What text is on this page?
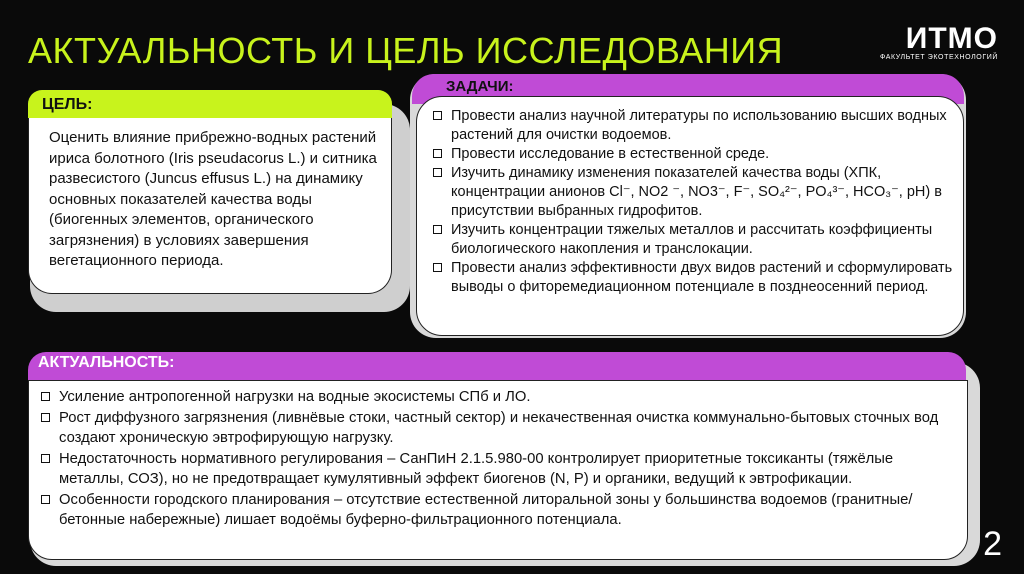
АКТУАЛЬНОСТЬ И ЦЕЛЬ ИССЛЕДОВАНИЯ	ИTMO
ФАКУЛЬТЕТ ЭКОТЕХНОЛОГИЙ
ЦЕЛЬ:
Оценить влияние прибрежно-водных растений ириса болотного (Iris pseudacorus L.) и ситника развесистого (Juncus effusus L.) на динамику основных показателей качества воды (биогенных элементов, органического загрязнения) в условиях завершения вегетационного периода.
ЗАДАЧИ:
Провести анализ научной литературы по использованию высших водных растений для очистки водоемов.
Провести исследование в естественной среде.
Изучить динамику изменения показателей качества воды (ХПК, концентрации анионов Cl⁻, NO2 ⁻, NO3⁻, F⁻, SO₄²⁻, PO₄³⁻, HCO₃⁻, pH) в присутствии выбранных гидрофитов.
Изучить концентрации тяжелых металлов и рассчитать коэффициенты биологического накопления и транслокации.
Провести анализ эффективности двух видов растений и сформулировать выводы о фиторемедиационном потенциале в позднеосенний период.
АКТУАЛЬНОСТЬ:
Усиление антропогенной нагрузки на водные экосистемы СПб и ЛО.
Рост диффузного загрязнения (ливнёвые стоки, частный сектор) и некачественная очистка коммунально-бытовых сточных вод создают хроническую эвтрофирующую нагрузку.
Недостаточность нормативного регулирования – СанПиН 2.1.5.980-00 контролирует приоритетные токсиканты (тяжёлые металлы, СОЗ), но не предотвращает кумулятивный эффект биогенов (N, P) и органики, ведущий к эвтрофикации.
Особенности городского планирования – отсутствие естественной литоральной зоны у большинства водоемов (гранитные/бетонные набережные) лишает водоёмы буферно-фильтрационного потенциала.
2
